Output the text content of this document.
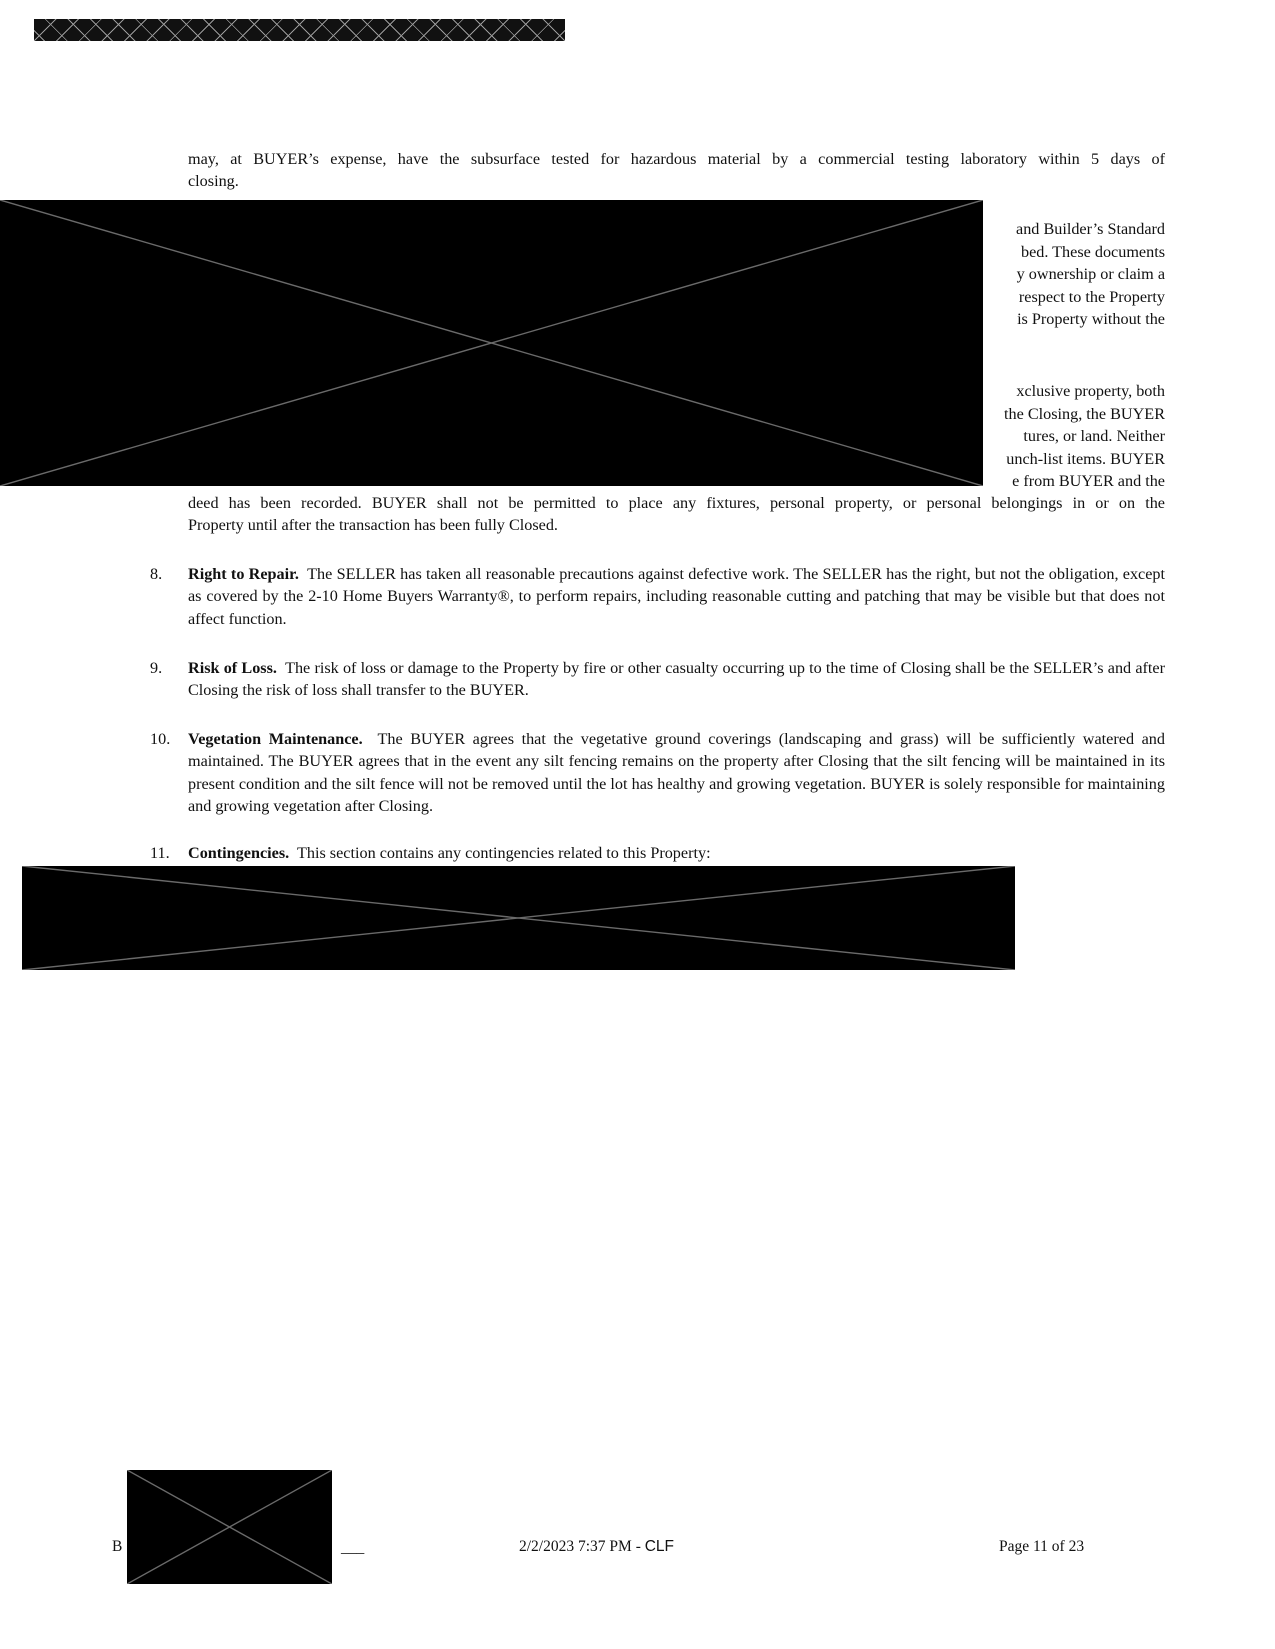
may, at BUYER’s expense, have the subsurface tested for hazardous material by a commercial testing laboratory within 5 days of
closing.
and Builder’s Standard
bed. These documents
y ownership or claim a
respect to the Property
is Property without the
xclusive property, both
the Closing, the BUYER
tures, or land. Neither
unch-list items. BUYER
e from BUYER and the
deed has been recorded. BUYER shall not be permitted to place any fixtures, personal property, or personal belongings in or on the
Property until after the transaction has been fully Closed.
8. Right to Repair. The SELLER has taken all reasonable precautions against defective work. The SELLER has the right, but not the obligation, except as covered by the 2-10 Home Buyers Warranty®, to perform repairs, including reasonable cutting and patching that may be visible but that does not affect function.
9. Risk of Loss. The risk of loss or damage to the Property by fire or other casualty occurring up to the time of Closing shall be the SELLER’s and after Closing the risk of loss shall transfer to the BUYER.
10. Vegetation Maintenance. The BUYER agrees that the vegetative ground coverings (landscaping and grass) will be sufficiently watered and maintained. The BUYER agrees that in the event any silt fencing remains on the property after Closing that the silt fencing will be maintained in its present condition and the silt fence will not be removed until the lot has healthy and growing vegetation. BUYER is solely responsible for maintaining and growing vegetation after Closing.
11. Contingencies. This section contains any contingencies related to this Property:
B	___	2/2/2023 7:37 PM - CLF	Page 11 of 23
